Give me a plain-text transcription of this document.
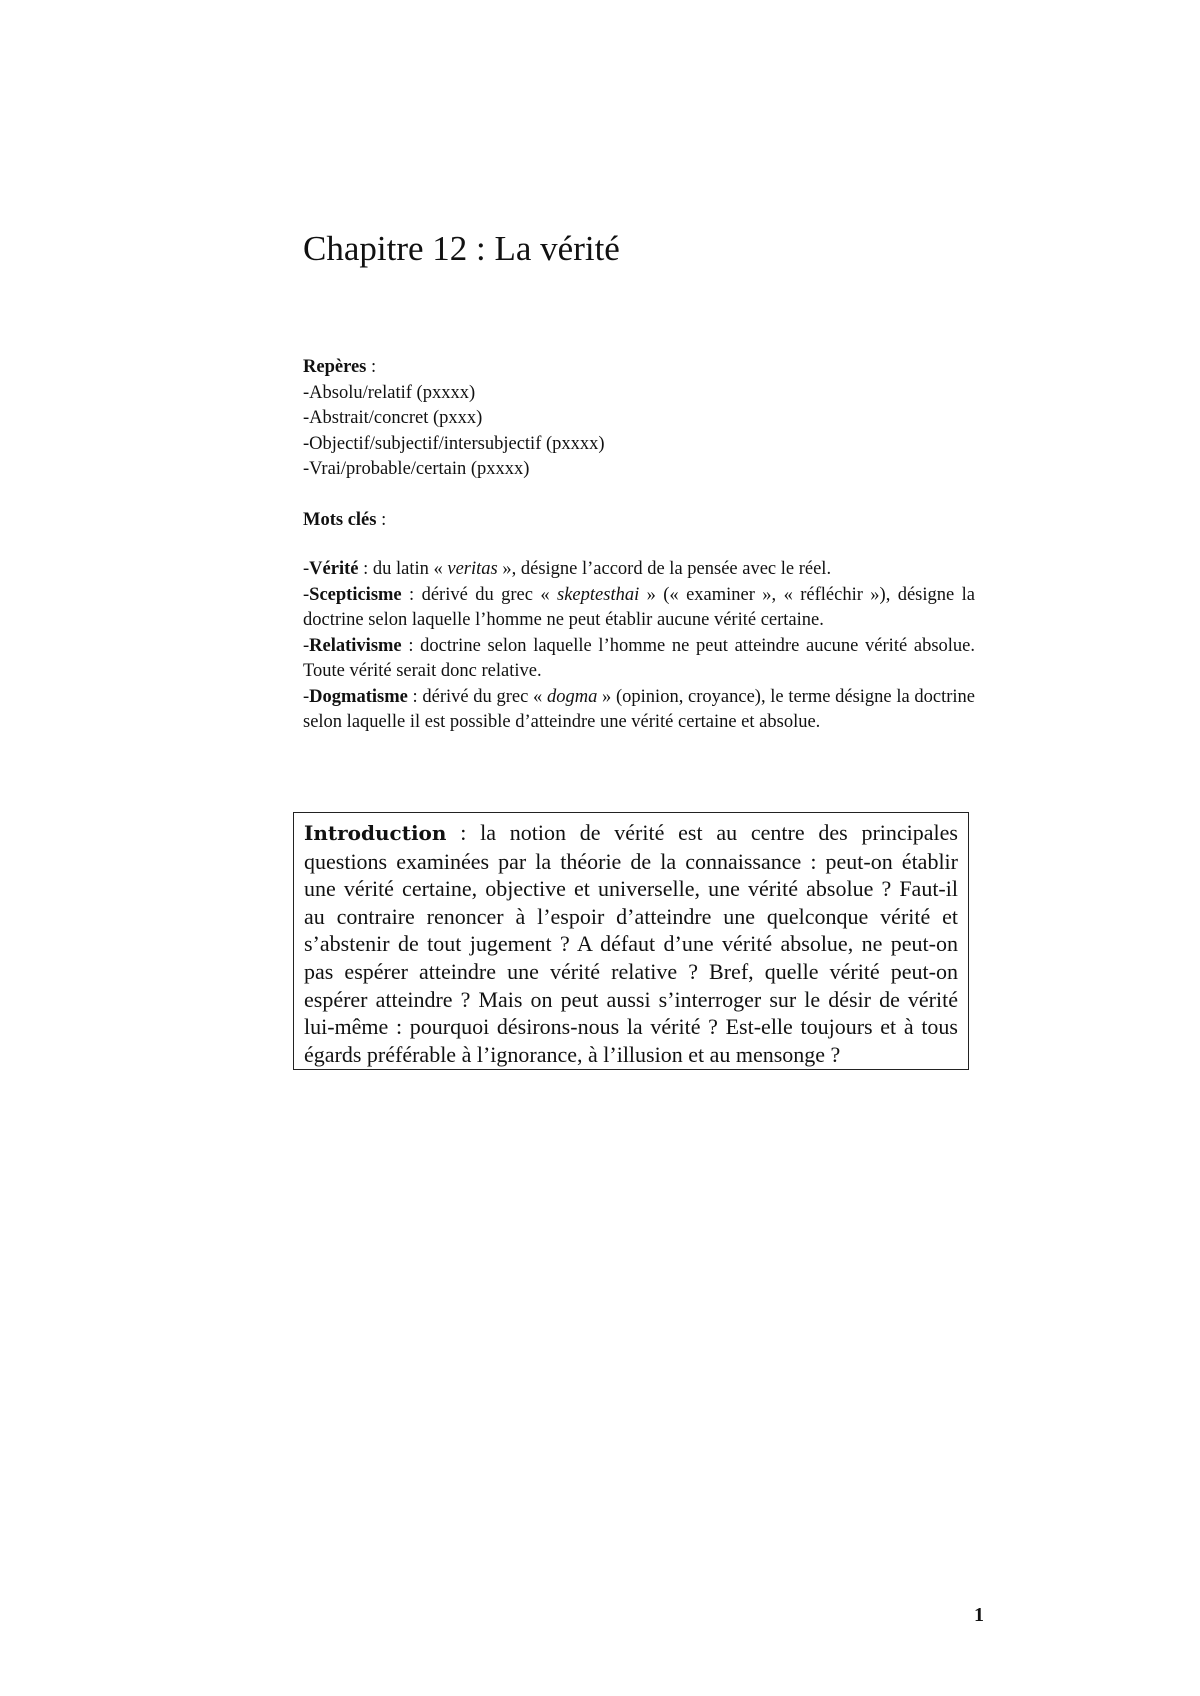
Chapitre 12 : La vérité
Repères :
-Absolu/relatif (pxxxx)
-Abstrait/concret (pxxx)
-Objectif/subjectif/intersubjectif (pxxxx)
-Vrai/probable/certain (pxxxx)
Mots clés :
-Vérité : du latin « veritas », désigne l’accord de la pensée avec le réel.
-Scepticisme : dérivé du grec « skeptesthai » (« examiner », « réfléchir »), désigne la doctrine selon laquelle l’homme ne peut établir aucune vérité certaine.
-Relativisme : doctrine selon laquelle l’homme ne peut atteindre aucune vérité absolue. Toute vérité serait donc relative.
-Dogmatisme : dérivé du grec « dogma » (opinion, croyance), le terme désigne la doctrine selon laquelle il est possible d’atteindre une vérité certaine et absolue.
Introduction : la notion de vérité est au centre des principales questions examinées par la théorie de la connaissance : peut-on établir une vérité certaine, objective et universelle, une vérité absolue ? Faut-il au contraire renoncer à l’espoir d’atteindre une quelconque vérité et s’abstenir de tout jugement ? A défaut d’une vérité absolue, ne peut-on pas espérer atteindre une vérité relative ? Bref, quelle vérité peut-on espérer atteindre ? Mais on peut aussi s’interroger sur le désir de vérité lui-même : pourquoi désirons-nous la vérité ? Est-elle toujours et à tous égards préférable à l’ignorance, à l’illusion et au mensonge ?
1
